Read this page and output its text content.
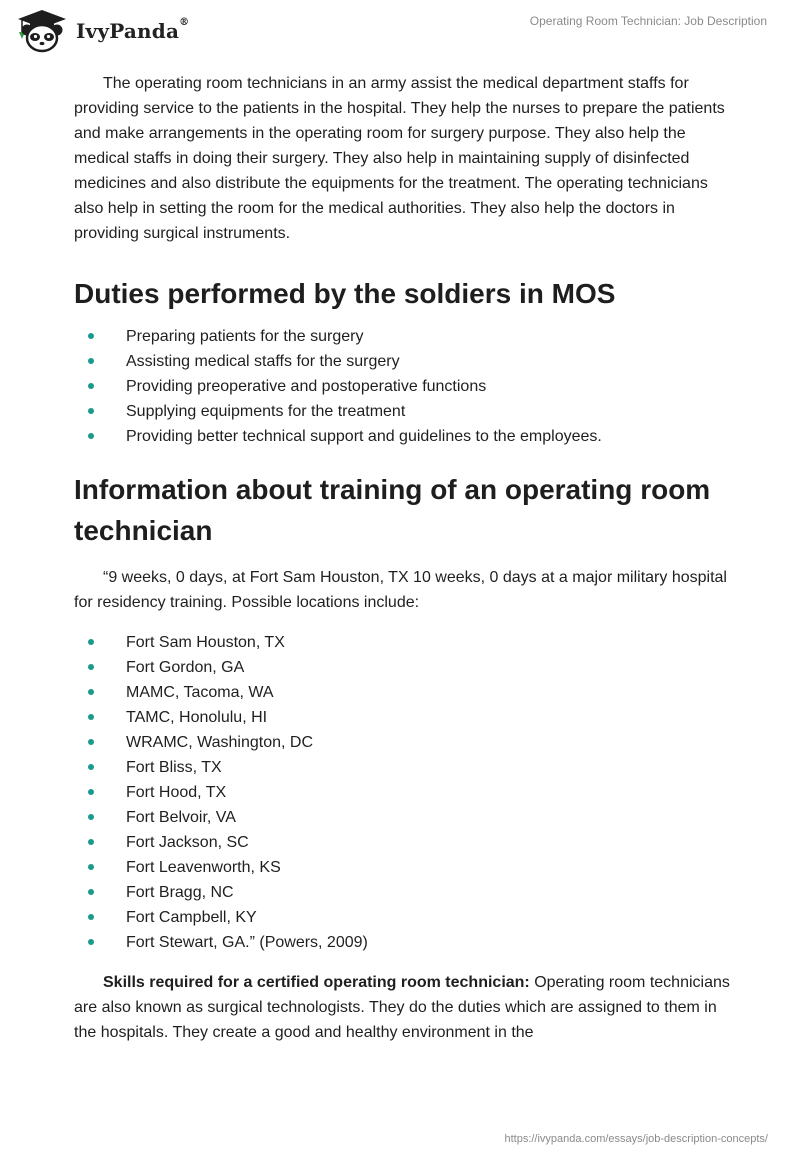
IvyPanda®	Operating Room Technician: Job Description

The operating room technicians in an army assist the medical department staffs for providing service to the patients in the hospital. They help the nurses to prepare the patients and make arrangements in the operating room for surgery purpose. They also help the medical staffs in doing their surgery. They also help in maintaining supply of disinfected medicines and also distribute the equipments for the treatment. The operating technicians also help in setting the room for the medical authorities. They also help the doctors in providing surgical instruments.

Duties performed by the soldiers in MOS
Preparing patients for the surgery
Assisting medical staffs for the surgery
Providing preoperative and postoperative functions
Supplying equipments for the treatment
Providing better technical support and guidelines to the employees.
Information about training of an operating room technician

“9 weeks, 0 days, at Fort Sam Houston, TX 10 weeks, 0 days at a major military hospital for residency training. Possible locations include:

Fort Sam Houston, TX
Fort Gordon, GA
MAMC, Tacoma, WA
TAMC, Honolulu, HI
WRAMC, Washington, DC
Fort Bliss, TX
Fort Hood, TX
Fort Belvoir, VA
Fort Jackson, SC
Fort Leavenworth, KS
Fort Bragg, NC
Fort Campbell, KY
Fort Stewart, GA.” (Powers, 2009)

Skills required for a certified operating room technician: Operating room technicians are also known as surgical technologists. They do the duties which are assigned to them in the hospitals. They create a good and healthy environment in the

https://ivypanda.com/essays/job-description-concepts/
